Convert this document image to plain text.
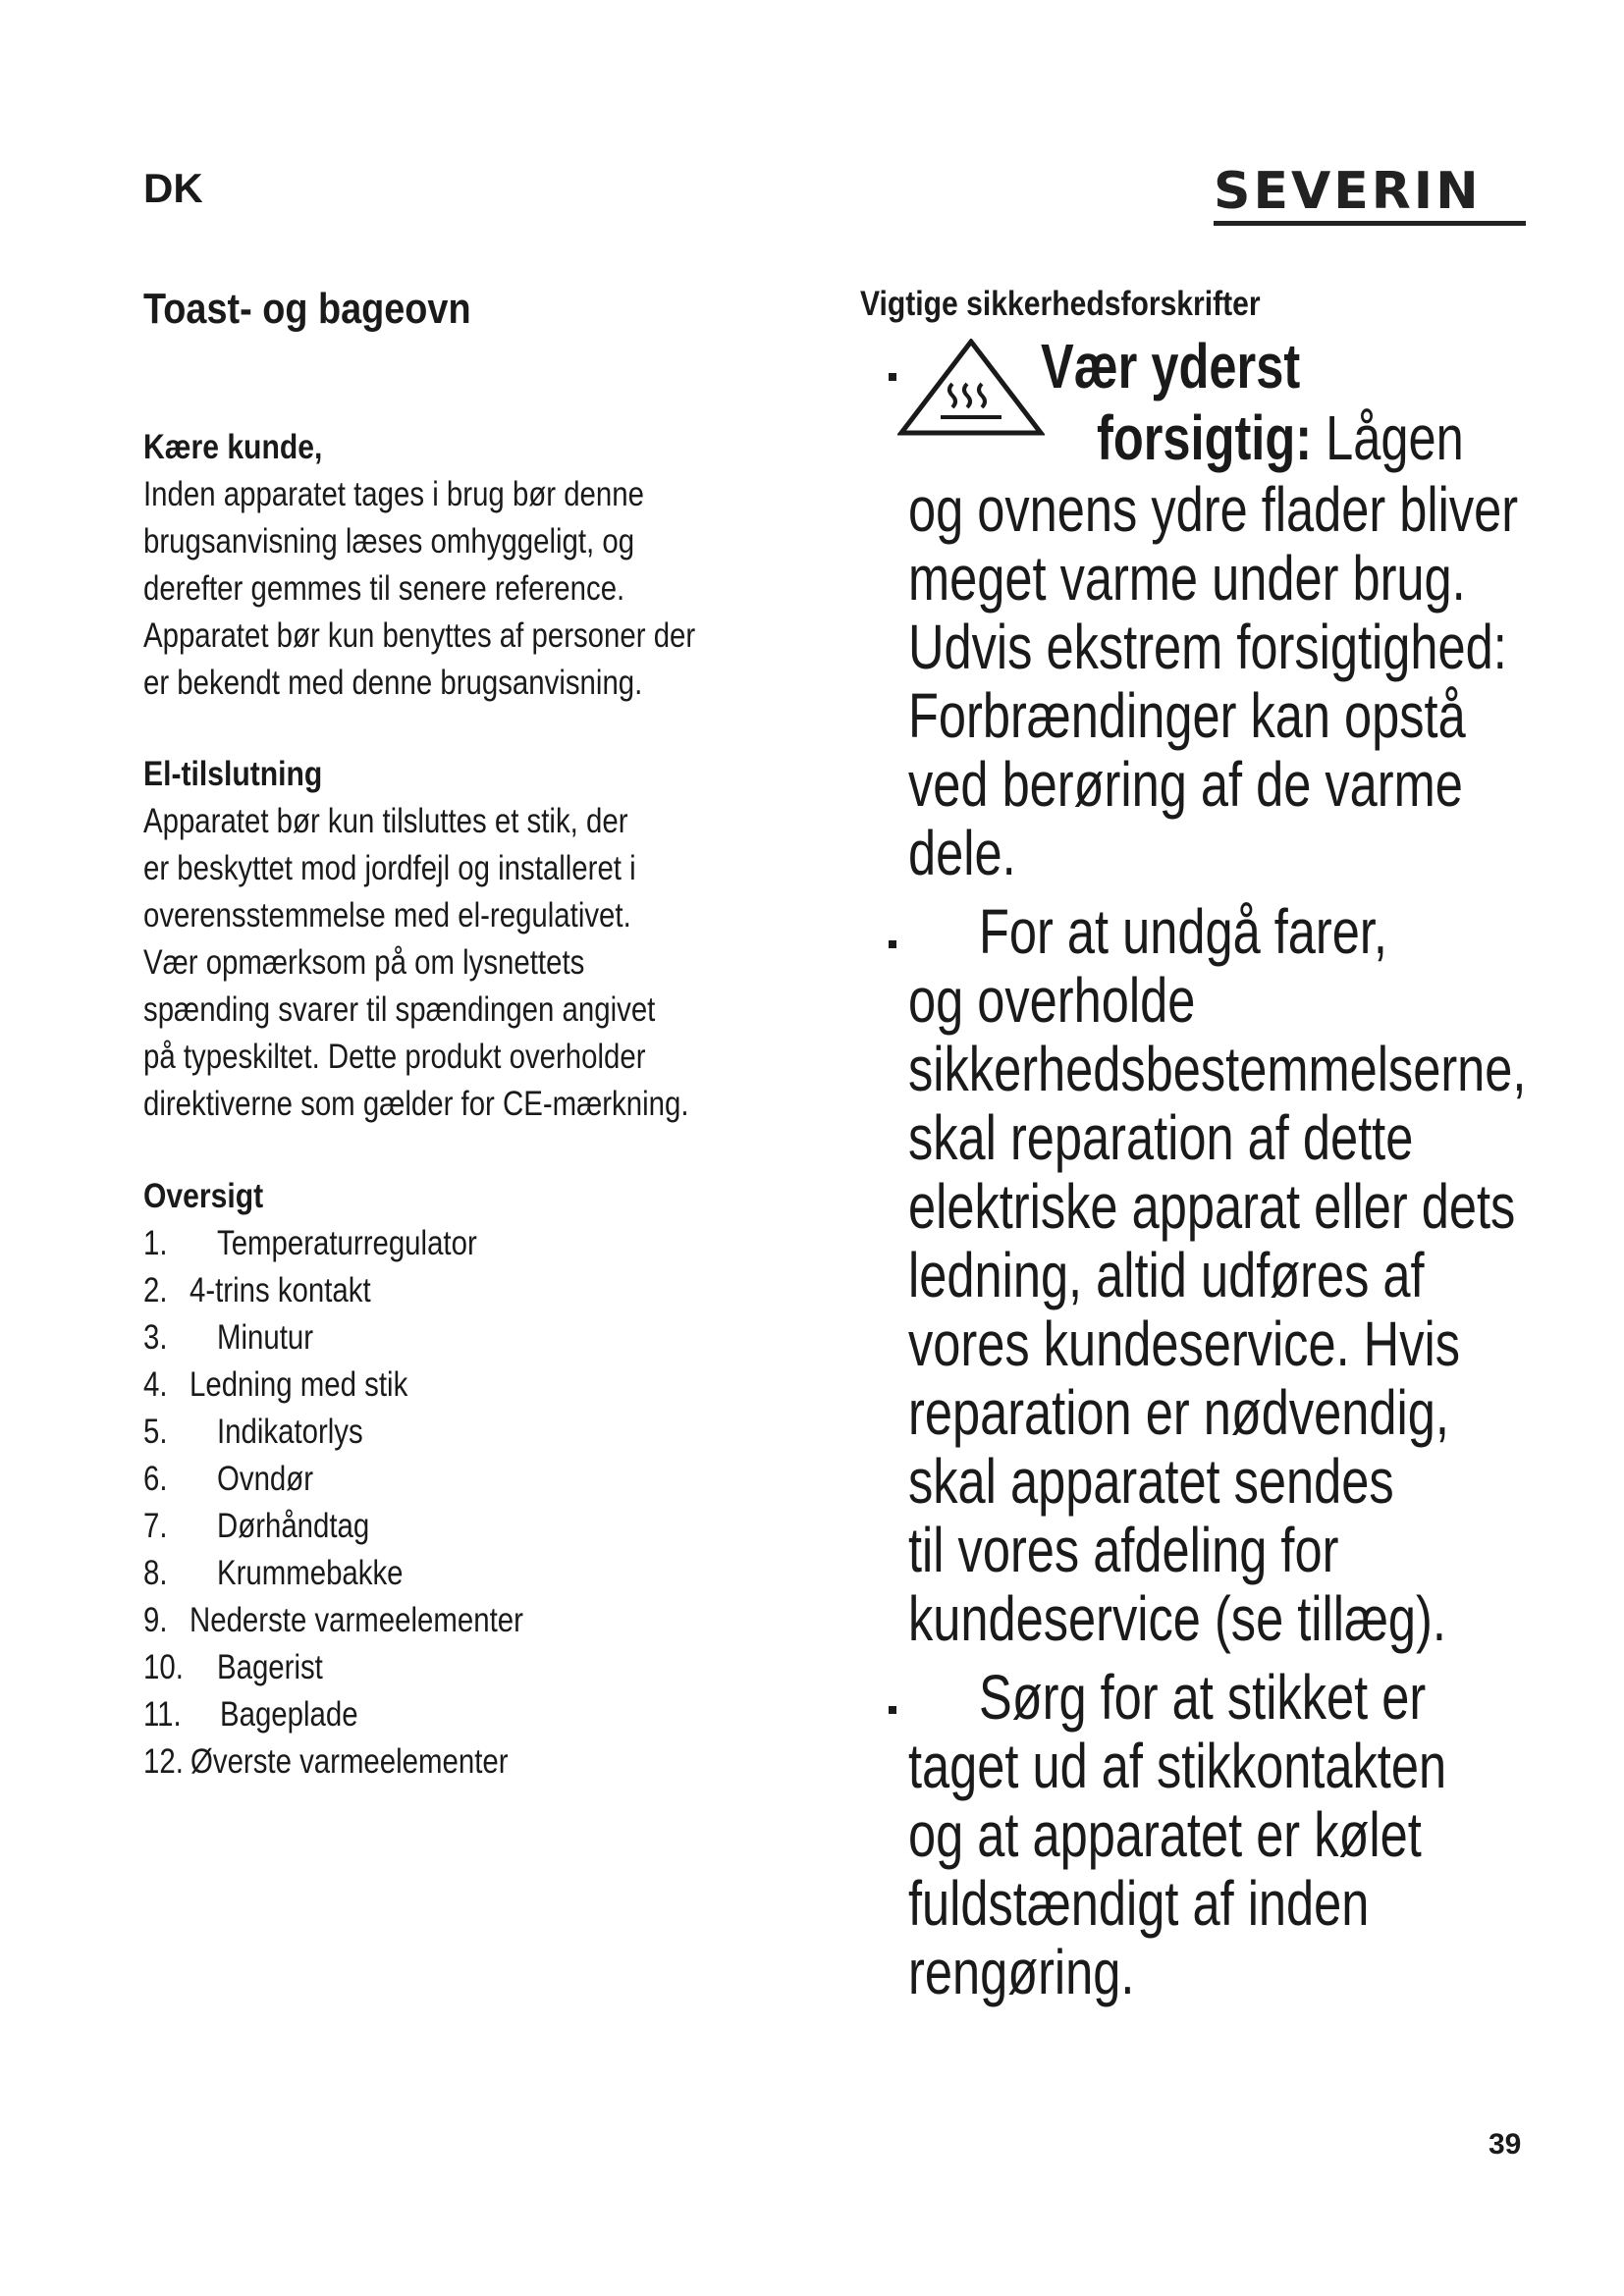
DK	SEVERIN
Toast- og bageovn
Kære kunde,
Inden apparatet tages i brug bør denne
brugsanvisning læses omhyggeligt, og
derefter gemmes til senere reference.
Apparatet bør kun benyttes af personer der
er bekendt med denne brugsanvisning.
El-tilslutning
Apparatet bør kun tilsluttes et stik, der
er beskyttet mod jordfejl og installeret i
overensstemmelse med el-regulativet.
Vær opmærksom på om lysnettets
spænding svarer til spændingen angivet
på typeskiltet. Dette produkt overholder
direktiverne som gælder for CE-mærkning.
Oversigt
1. Temperaturregulator
2. 4-trins kontakt
3. Minutur
4. Ledning med stik
5. Indikatorlys
6. Ovndør
7. Dørhåndtag
8. Krummebakke
9. Nederste varmeelementer
10. Bagerist
11. Bageplade
12. Øverste varmeelementer
Vigtige sikkerhedsforskrifter
Vær yderst
forsigtig: Lågen
og ovnens ydre flader bliver
meget varme under brug.
Udvis ekstrem forsigtighed:
Forbrændinger kan opstå
ved berøring af de varme
dele.
For at undgå farer,
og overholde
sikkerhedsbestemmelserne,
skal reparation af dette
elektriske apparat eller dets
ledning, altid udføres af
vores kundeservice. Hvis
reparation er nødvendig,
skal apparatet sendes
til vores afdeling for
kundeservice (se tillæg).
Sørg for at stikket er
taget ud af stikkontakten
og at apparatet er kølet
fuldstændigt af inden
rengøring.
39
